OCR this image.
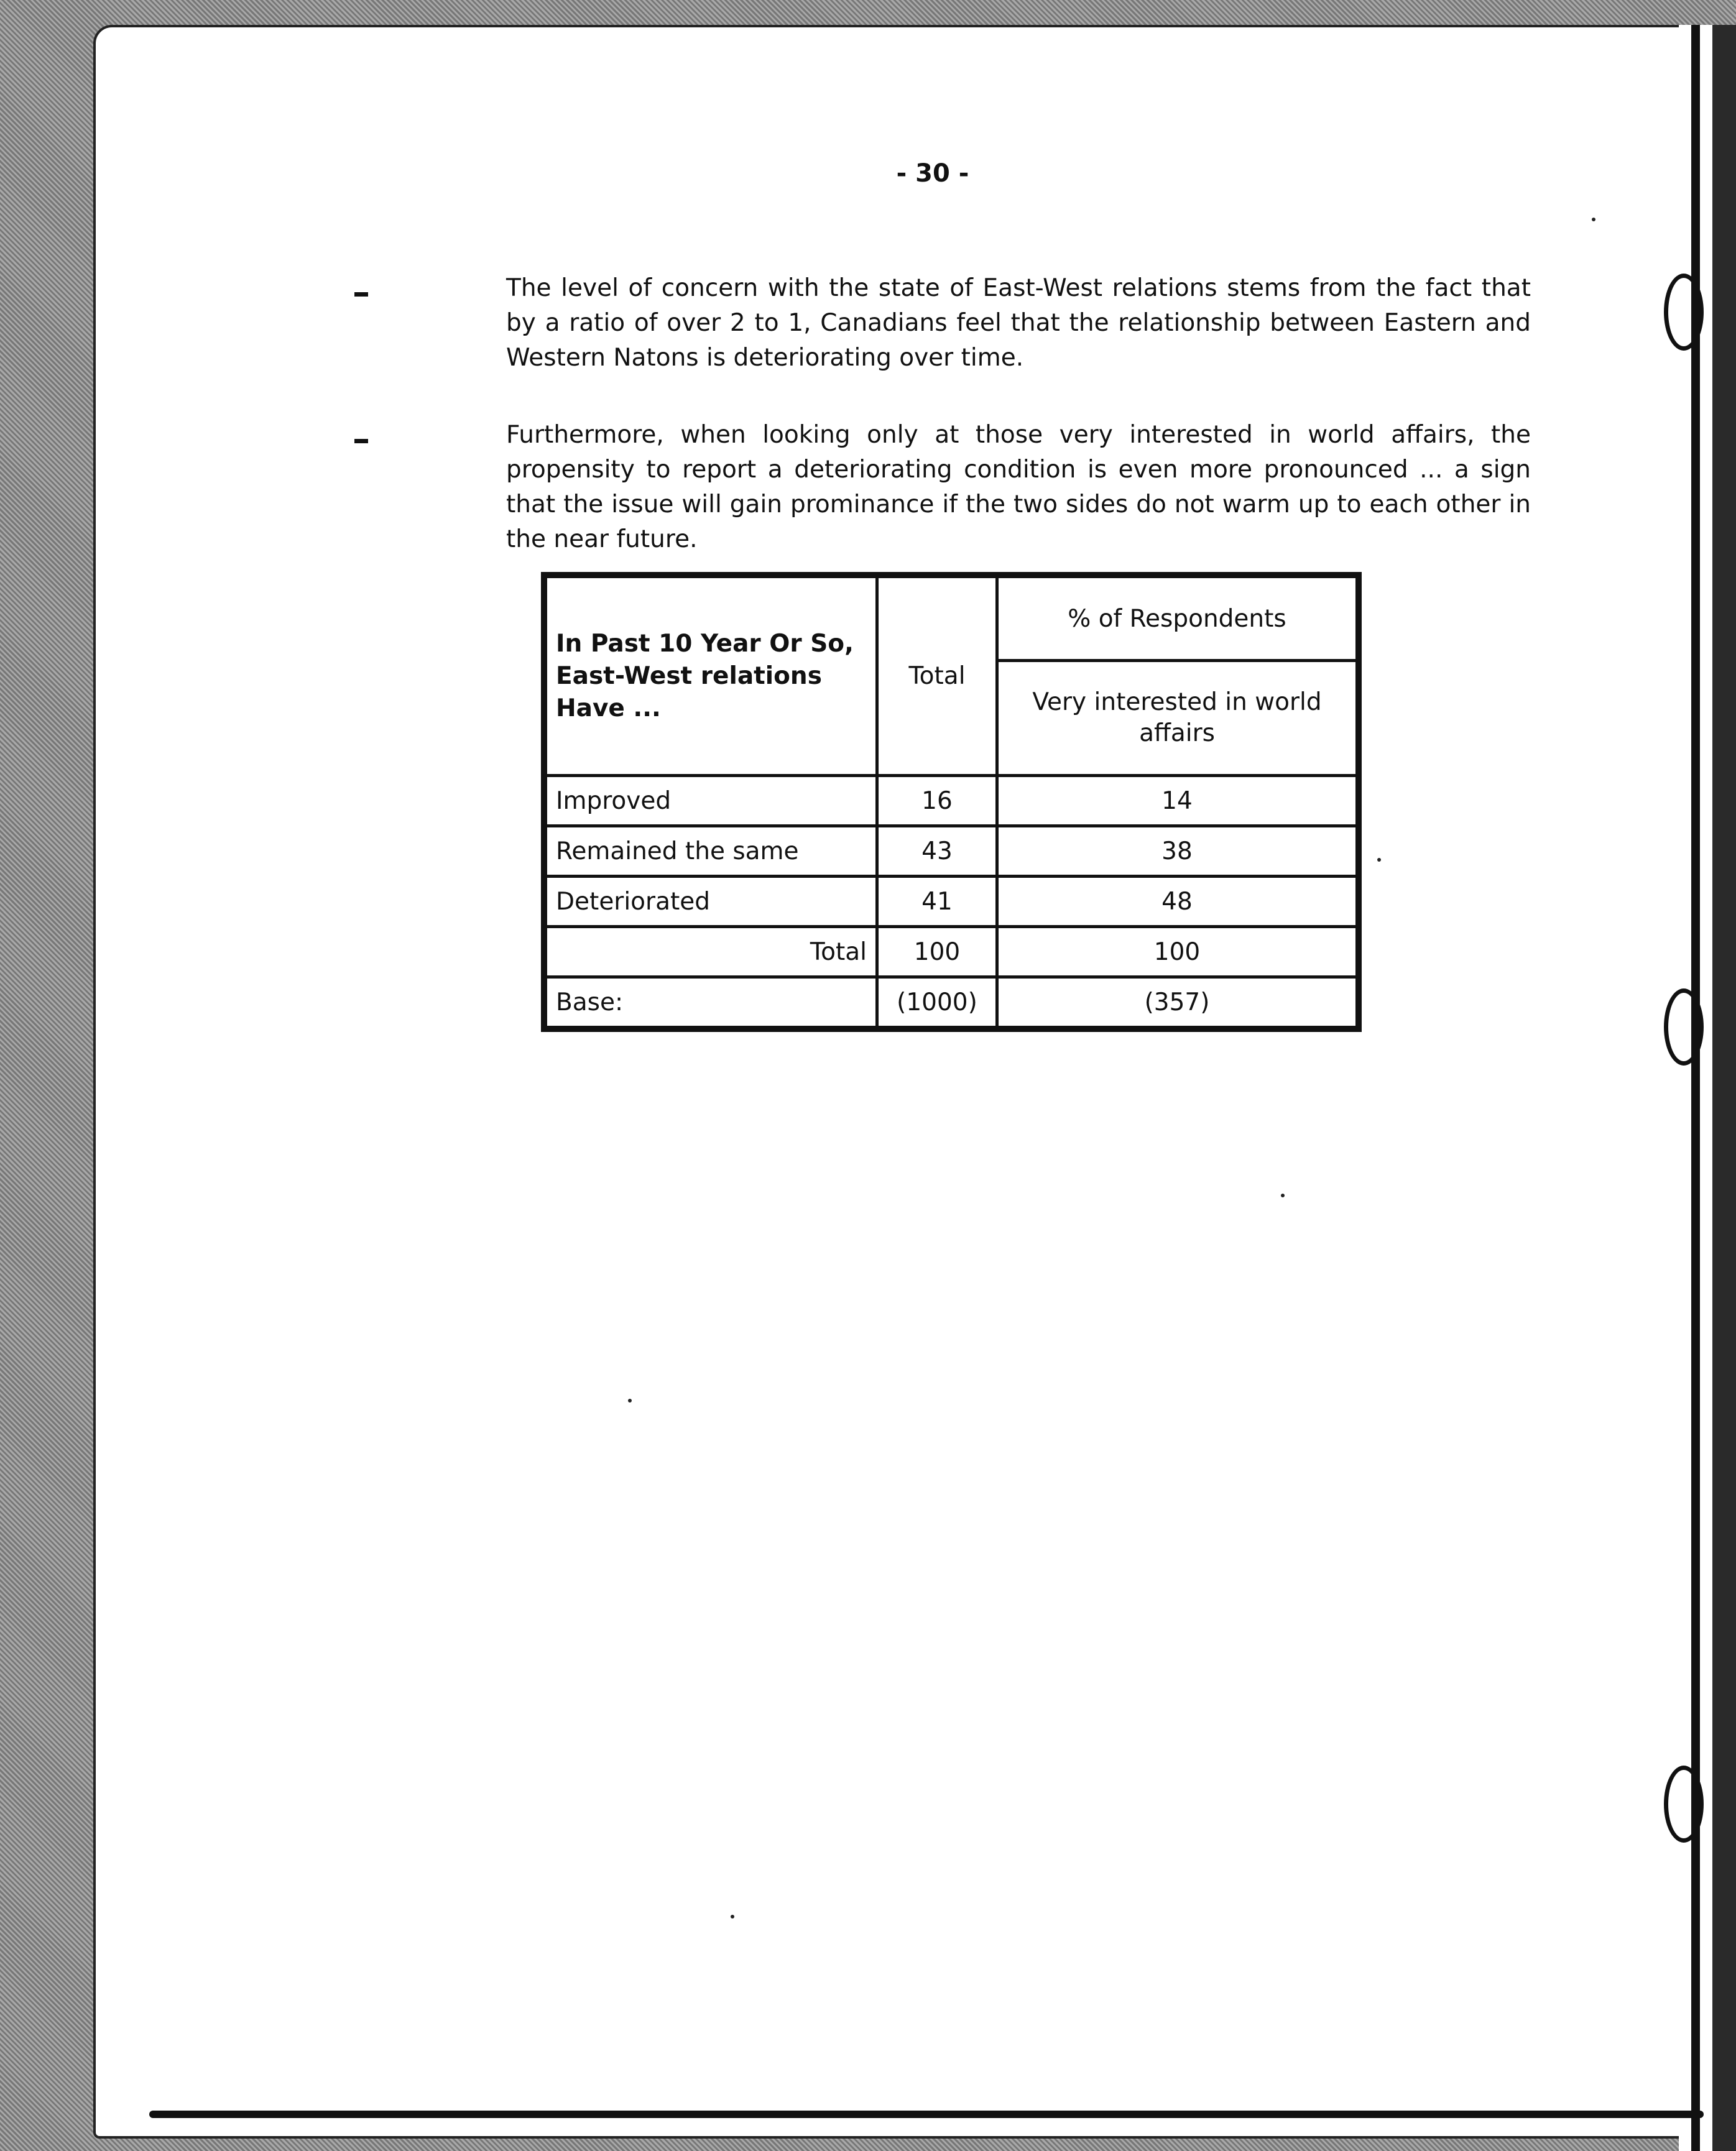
- 30 -
The level of concern with the state of East-West relations stems from the fact that by a ratio of over 2 to 1, Canadians feel that the relationship between Eastern and Western Natons is deteriorating over time.
Furthermore, when looking only at those very interested in world affairs, the propensity to report a deteriorating condition is even more pronounced ... a sign that the issue will gain prominance if the two sides do not warm up to each other in the near future.
In Past 10 Year Or So, East-West relations Have ...	Total	% of Respondents
		Very interested in world affairs
Improved	16	14
Remained the same	43	38
Deteriorated	41	48
Total	100	100
Base:	(1000)	(357)
